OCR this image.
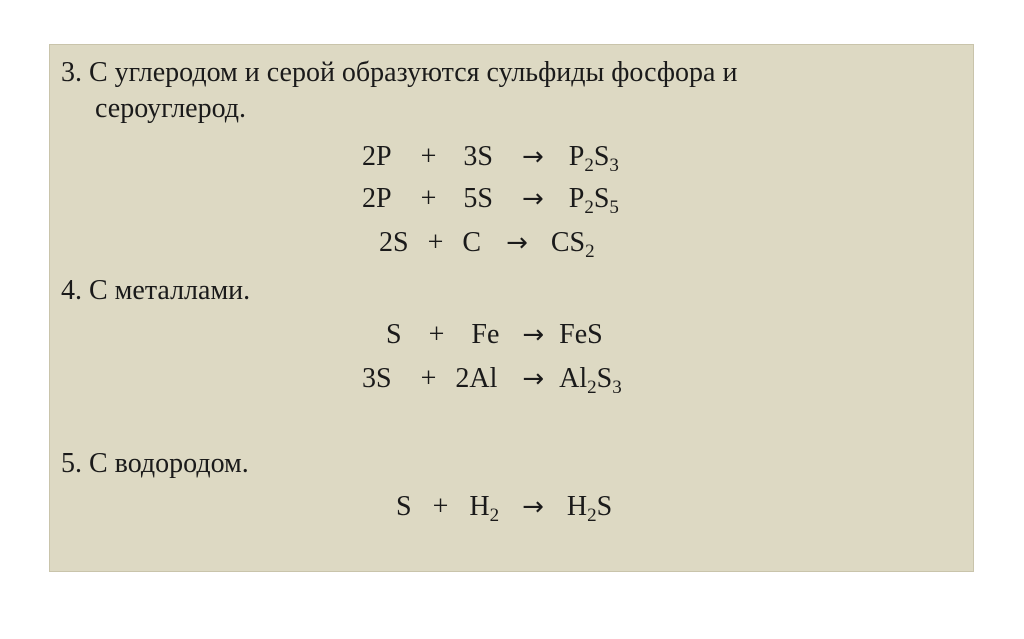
3. С углеродом и серой образуются сульфиды фосфора и
сероуглерод.
$2P + 3S \to P_2S_3$
$2P + 5S \to P_2S_5$
$2S + C \to CS_2$
4. С металлами.
S + Fe → FeS
$3S + 2Al \to Al_2S_3$
5. С водородом.
$S + H_2 \to H_2S$
